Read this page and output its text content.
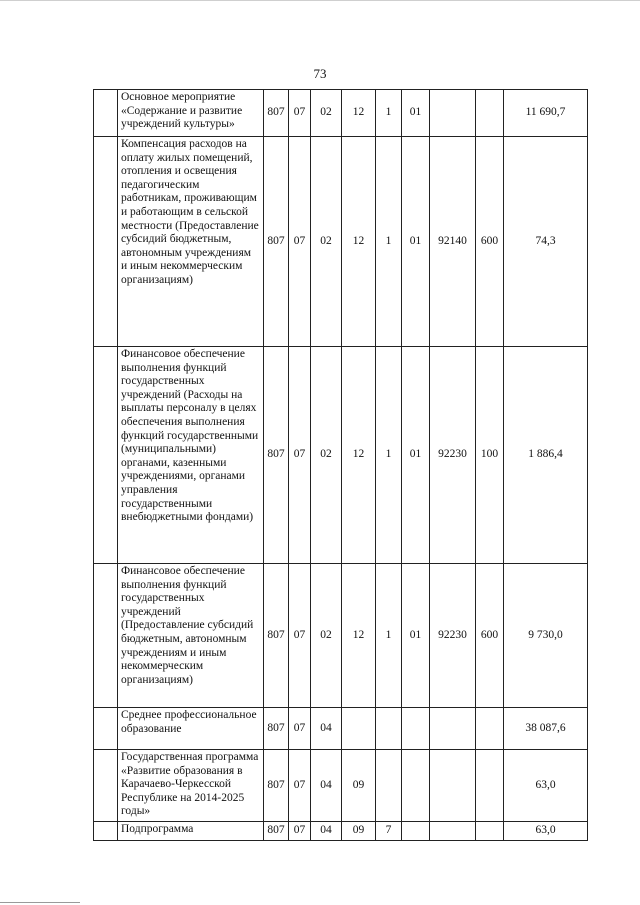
73
	Основное мероприятие «Содержание и развитие учреждений культуры»	807	07	02	12	1	01			11 690,7
	Компенсация расходов на оплату жилых помещений, отопления и освещения педагогическим работникам, проживающим и работающим в сельской местности (Предоставление субсидий бюджетным, автономным учреждениям и иным некоммерческим организациям)	807	07	02	12	1	01	92140	600	74,3
	Финансовое обеспечение выполнения функций государственных учреждений (Расходы на выплаты персоналу в целях обеспечения выполнения функций государственными (муниципальными) органами, казенными учреждениями, органами управления государственными внебюджетными фондами)	807	07	02	12	1	01	92230	100	1 886,4
	Финансовое обеспечение выполнения функций государственных учреждений (Предоставление субсидий бюджетным, автономным учреждениям и иным некоммерческим организациям)	807	07	02	12	1	01	92230	600	9 730,0
	Среднее профессиональное образование	807	07	04						38 087,6
	Государственная программа «Развитие образования в Карачаево-Черкесской Республике на 2014-2025 годы»	807	07	04	09					63,0
	Подпрограмма	807	07	04	09	7				63,0
